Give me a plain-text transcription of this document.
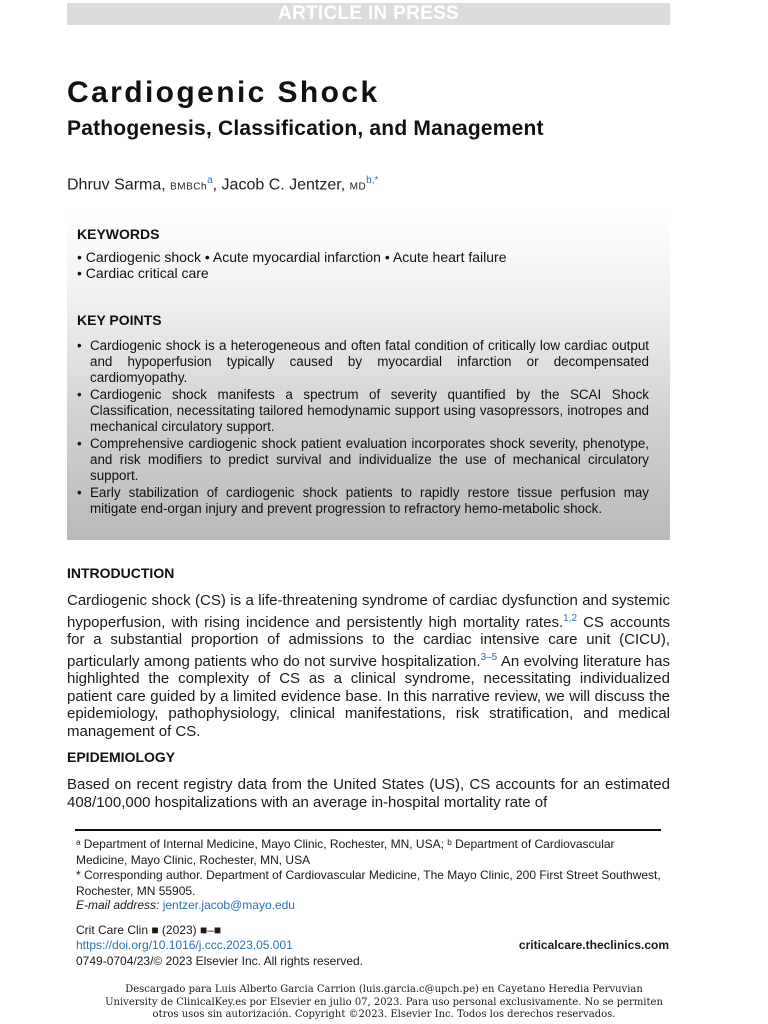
ARTICLE IN PRESS
Cardiogenic Shock
Pathogenesis, Classification, and Management
Dhruv Sarma, BMBCh$^a$, Jacob C. Jentzer, $MD^{b,*}$
KEYWORDS
• Cardiogenic shock • Acute myocardial infarction • Acute heart failure
• Cardiac critical care
KEY POINTS
• Cardiogenic shock is a heterogeneous and often fatal condition of critically low cardiac output and hypoperfusion typically caused by myocardial infarction or decompensated cardiomyopathy.
• Cardiogenic shock manifests a spectrum of severity quantified by the SCAI Shock Classification, necessitating tailored hemodynamic support using vasopressors, inotropes and mechanical circulatory support.
• Comprehensive cardiogenic shock patient evaluation incorporates shock severity, phenotype, and risk modifiers to predict survival and individualize the use of mechanical circulatory support.
• Early stabilization of cardiogenic shock patients to rapidly restore tissue perfusion may mitigate end-organ injury and prevent progression to refractory hemo-metabolic shock.
INTRODUCTION

Cardiogenic shock (CS) is a life-threatening syndrome of cardiac dysfunction and systemic hypoperfusion, with rising incidence and persistently high mortality rates.$^{1,2}$ CS accounts for a substantial proportion of admissions to the cardiac intensive care unit (CICU), particularly among patients who do not survive hospitalization.$^{3-5}$ An evolving literature has highlighted the complexity of CS as a clinical syndrome, necessitating individualized patient care guided by a limited evidence base. In this narrative review, we will discuss the epidemiology, pathophysiology, clinical manifestations, risk stratification, and medical management of CS.

EPIDEMIOLOGY

Based on recent registry data from the United States (US), CS accounts for an estimated 408/100,000 hospitalizations with an average in-hospital mortality rate of

ᵃ Department of Internal Medicine, Mayo Clinic, Rochester, MN, USA; ᵇ Department of Cardiovascular Medicine, Mayo Clinic, Rochester, MN, USA

* Corresponding author. Department of Cardiovascular Medicine, The Mayo Clinic, 200 First Street Southwest, Rochester, MN 55905.

E-mail address: jentzer.jacob@mayo.edu

Crit Care Clin ■ (2023) ■–■
https://doi.org/10.1016/j.ccc.2023.05.001
0749-0704/23/© 2023 Elsevier Inc. All rights reserved.
criticalcare.theclinics.com
Descargado para Luis Alberto Garcia Carrion (luis.garcia.c@upch.pe) en Cayetano Heredia Pervuvian University de ClinicalKey.es por Elsevier en julio 07, 2023. Para uso personal exclusivamente. No se permiten otros usos sin autorización. Copyright ©2023. Elsevier Inc. Todos los derechos reservados.
